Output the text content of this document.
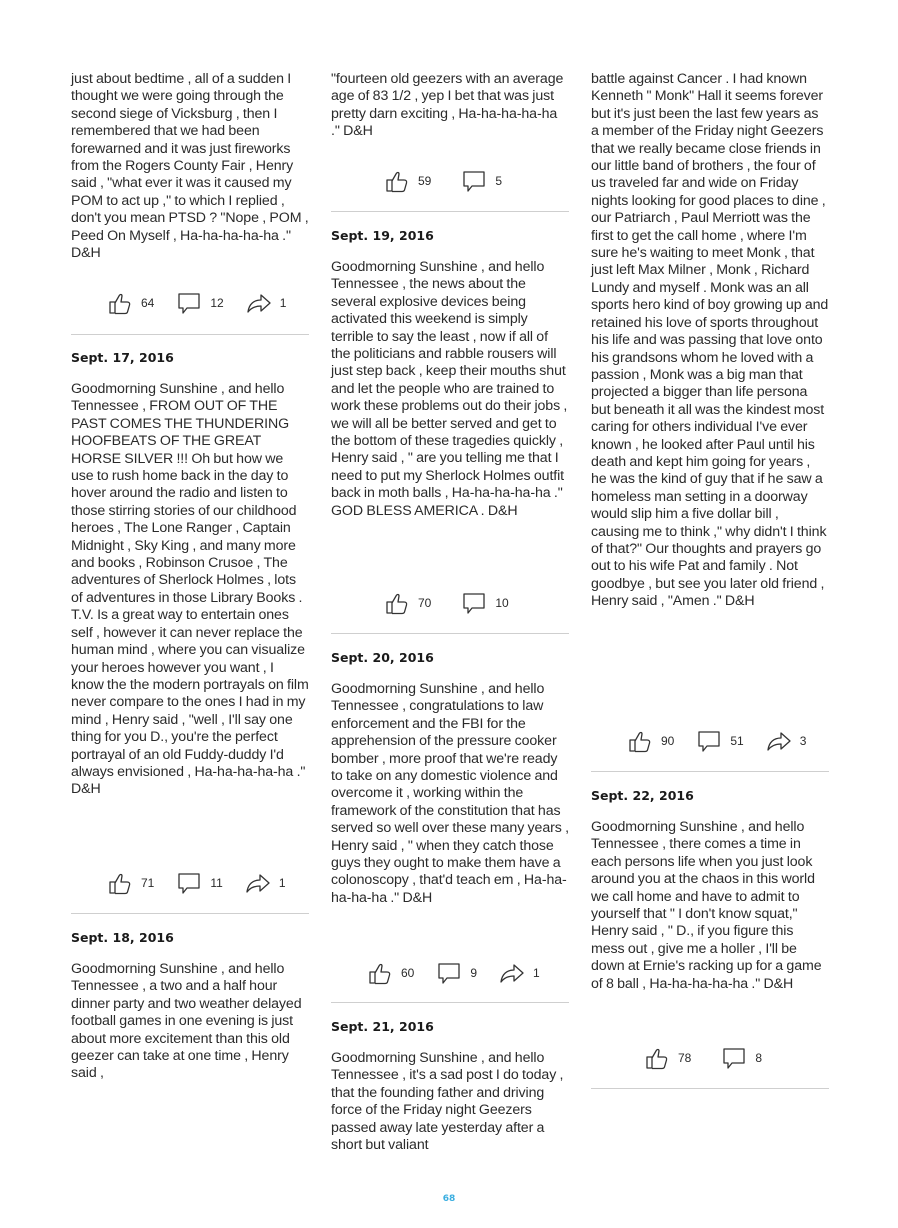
just about bedtime , all of a sudden I thought we were going through the second siege of Vicksburg , then I remembered that we had been forewarned and it was just fireworks from the Rogers County Fair , Henry said , "what ever it was it caused my POM to act up ," to which I replied , don't you mean PTSD ? "Nope , POM , Peed On Myself , Ha-ha-ha-ha-ha ." D&H

64	12	1

Sept. 17, 2016

Goodmorning Sunshine , and hello Tennessee , FROM OUT OF THE PAST COMES THE THUNDERING HOOFBEATS OF THE GREAT HORSE SILVER !!! Oh but how we use to rush home back in the day to hover around the radio and listen to those stirring stories of our childhood heroes , The Lone Ranger , Captain Midnight , Sky King , and many more and books , Robinson Crusoe , The adventures of Sherlock Holmes , lots of adventures in those Library Books . T.V. Is a great way to entertain ones self , however it can never replace the human mind , where you can visualize your heroes however you want , I know the the modern portrayals on film never compare to the ones I had in my mind , Henry said , "well , I'll say one thing for you D., you're the perfect portrayal of an old Fuddy-duddy I'd always envisioned , Ha-ha-ha-ha-ha ." D&H

71	11	1

Sept. 18, 2016

Goodmorning Sunshine , and hello Tennessee , a two and a half hour dinner party and two weather delayed football games in one evening is just about more excitement than this old geezer can take at one time , Henry said ,

"fourteen old geezers with an average age of 83 1/2 , yep I bet that was just pretty darn exciting , Ha-ha-ha-ha-ha ." D&H

59	5

Sept. 19, 2016

Goodmorning Sunshine , and hello Tennessee , the news about the several explosive devices being activated this weekend is simply terrible to say the least , now if all of the politicians and rabble rousers will just step back , keep their mouths shut and let the people who are trained to work these problems out do their jobs , we will all be better served and get to the bottom of these tragedies quickly , Henry said , " are you telling me that I need to put my Sherlock Holmes outfit back in moth balls , Ha-ha-ha-ha-ha ." GOD BLESS AMERICA . D&H

70	10

Sept. 20, 2016

Goodmorning Sunshine , and hello Tennessee , congratulations to law enforcement and the FBI for the apprehension of the pressure cooker bomber , more proof that we're ready to take on any domestic violence and overcome it , working within the framework of the constitution that has served so well over these many years , Henry said , " when they catch those guys they ought to make them have a colonoscopy , that'd teach em , Ha-ha-ha-ha-ha ." D&H

60	9	1

Sept. 21, 2016

Goodmorning Sunshine , and hello Tennessee , it's a sad post I do today , that the founding father and driving force of the Friday night Geezers passed away late yesterday after a short but valiant

battle against Cancer . I had known Kenneth " Monk" Hall it seems forever but it's just been the last few years as a member of the Friday night Geezers that we really became close friends in our little band of brothers , the four of us traveled far and wide on Friday nights looking for good places to dine , our Patriarch , Paul Merriott was the first to get the call home , where I'm sure he's waiting to meet Monk , that just left Max Milner , Monk , Richard Lundy and myself . Monk was an all sports hero kind of boy growing up and retained his love of sports throughout his life and was passing that love onto his grandsons whom he loved with a passion , Monk was a big man that projected a bigger than life persona but beneath it all was the kindest most caring for others individual I've ever known , he looked after Paul until his death and kept him going for years , he was the kind of guy that if he saw a homeless man setting in a doorway would slip him a five dollar bill , causing me to think ," why didn't I think of that?" Our thoughts and prayers go out to his wife Pat and family . Not goodbye , but see you later old friend , Henry said , "Amen ." D&H

90	51	3

Sept. 22, 2016

Goodmorning Sunshine , and hello Tennessee , there comes a time in each persons life when you just look around you at the chaos in this world we call home and have to admit to yourself that " I don't know squat," Henry said , " D., if you figure this mess out , give me a holler , I'll be down at Ernie's racking up for a game of 8 ball , Ha-ha-ha-ha-ha ." D&H

78	8
68
